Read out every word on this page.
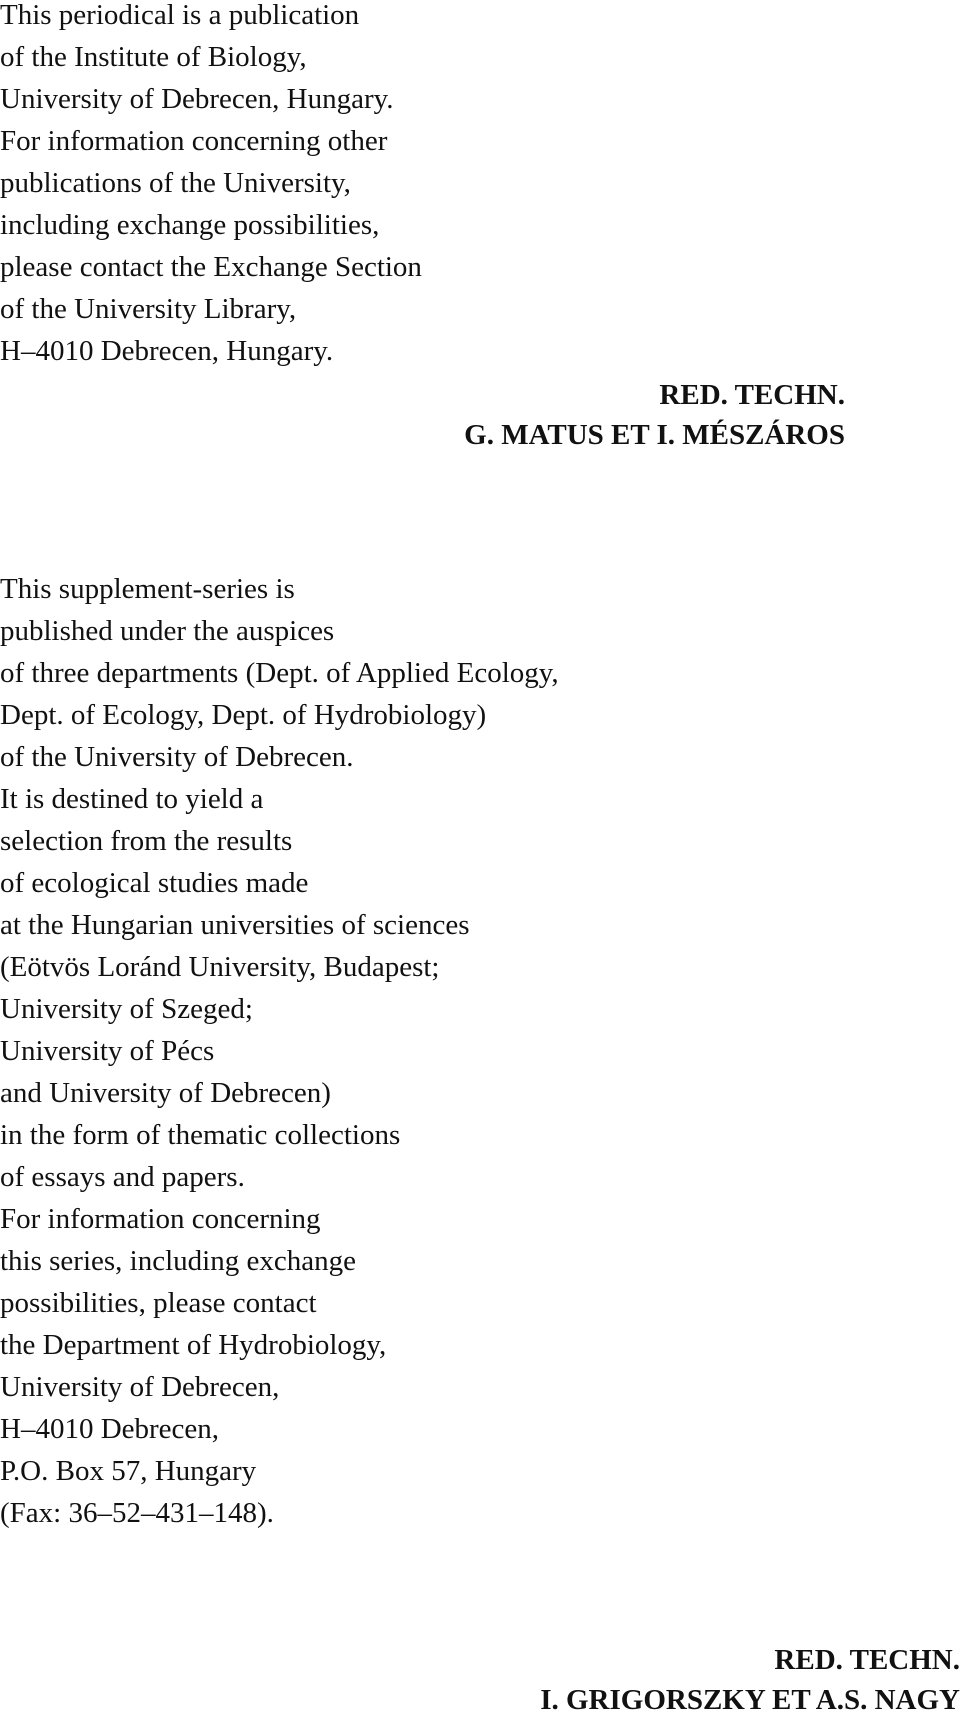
This periodical is a publication
of the Institute of Biology,
University of Debrecen, Hungary.
For information concerning other
publications of the University,
including exchange possibilities,
please contact the Exchange Section
of the University Library,
H–4010 Debrecen, Hungary.
RED. TECHN.
G. MATUS ET I. MÉSZÁROS
This supplement-series is
published under the auspices
of three departments (Dept. of Applied Ecology,
Dept. of Ecology, Dept. of Hydrobiology)
of the University of Debrecen.
It is destined to yield a
selection from the results
of ecological studies made
at the Hungarian universities of sciences
(Eötvös Loránd University, Budapest;
University of Szeged;
University of Pécs
and University of Debrecen)
in the form of thematic collections
of essays and papers.
For information concerning
this series, including exchange
possibilities, please contact
the Department of Hydrobiology,
University of Debrecen,
H–4010 Debrecen,
P.O. Box 57, Hungary
(Fax: 36–52–431–148).
RED. TECHN.
I. GRIGORSZKY ET A.S. NAGY
